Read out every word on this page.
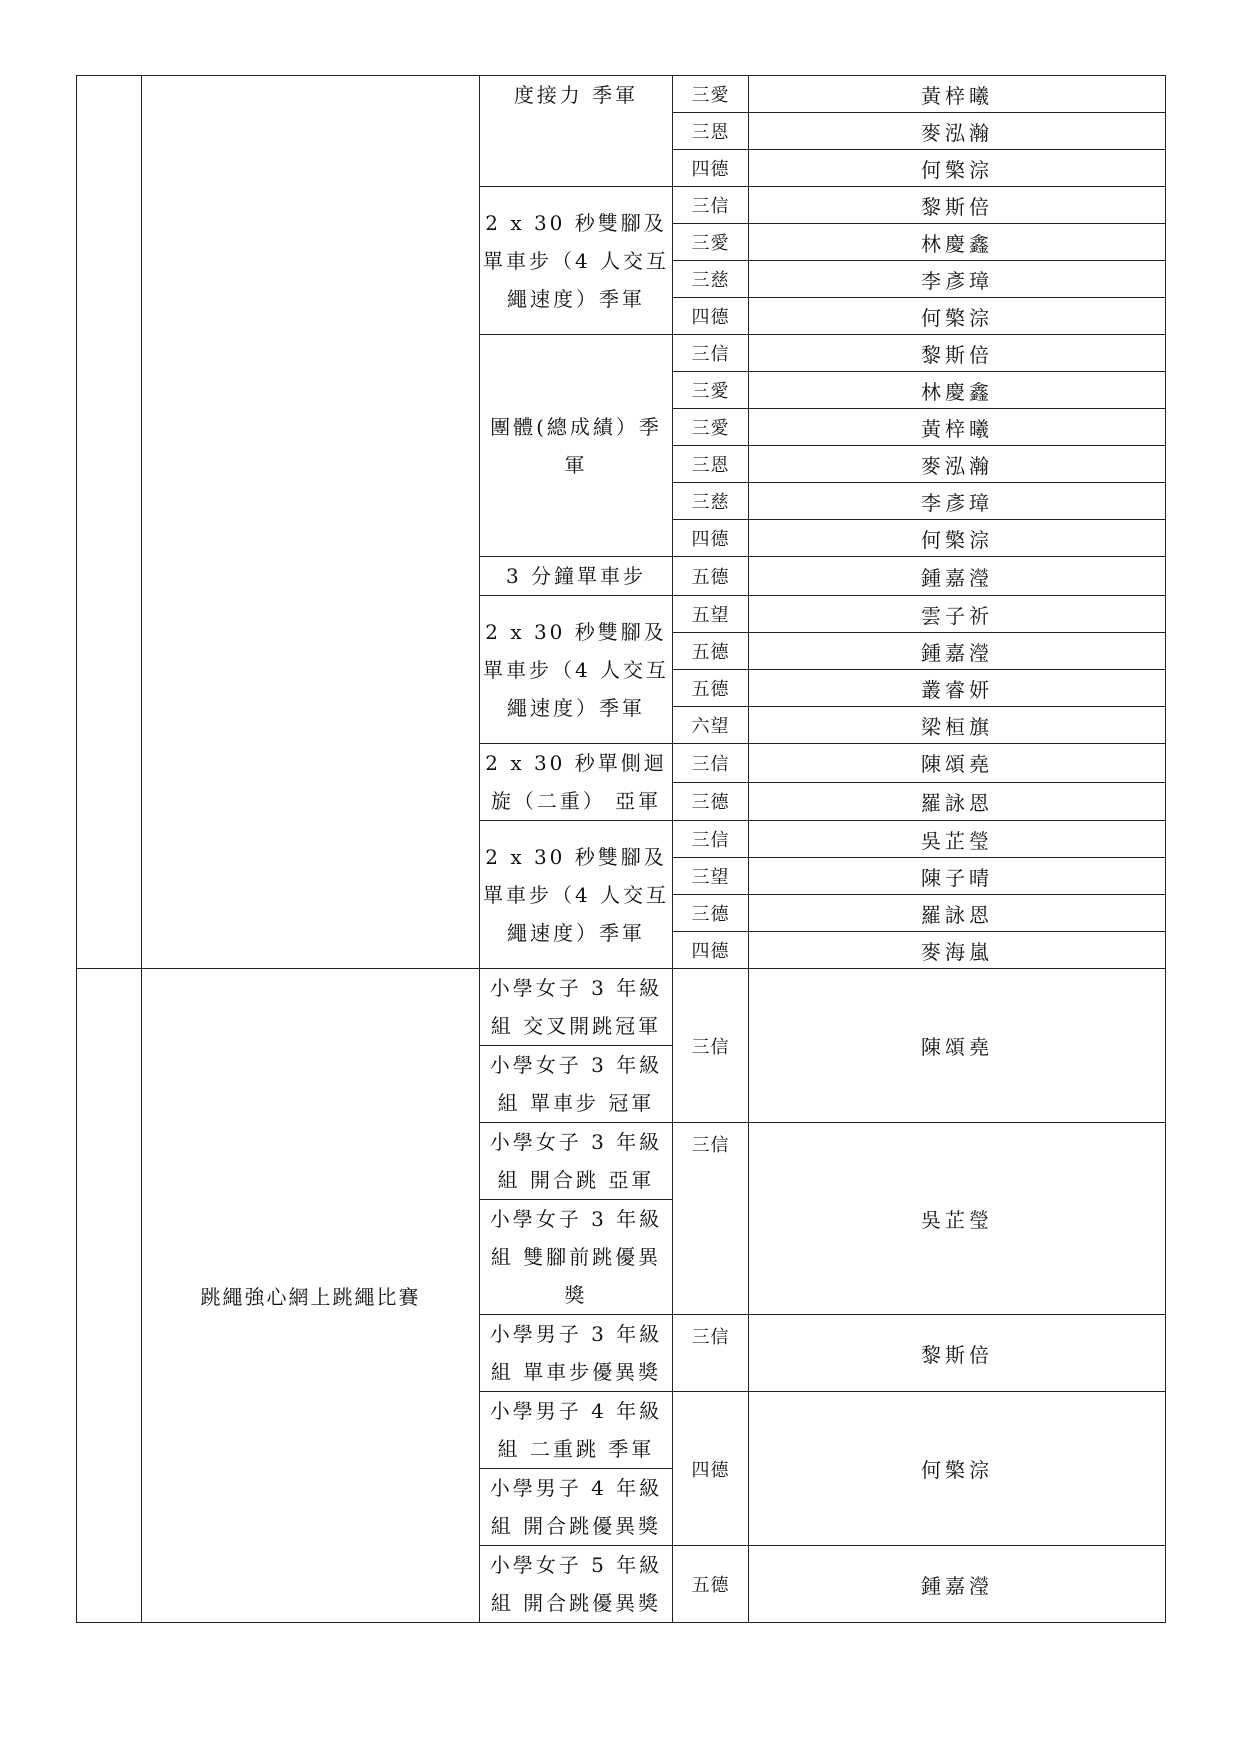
		度接力 季軍	三愛	黃梓曦
			三恩	麥泓瀚
			四德	何檠淙
		2 x 30 秒雙腳及單車步（4 人交互繩速度）季軍	三信	黎斯倍
			三愛	林慶鑫
			三慈	李彥璋
			四德	何檠淙
		團體(總成績）季軍	三信	黎斯倍
			三愛	林慶鑫
			三愛	黃梓曦
			三恩	麥泓瀚
			三慈	李彥璋
			四德	何檠淙
		3 分鐘單車步	五德	鍾嘉瀅
		2 x 30 秒雙腳及單車步（4 人交互繩速度）季軍	五望	雲子祈
			五德	鍾嘉瀅
			五德	叢睿妍
			六望	梁桓旗
		2 x 30 秒單側迴旋（二重） 亞軍	三信	陳頌堯
			三德	羅詠恩
		2 x 30 秒雙腳及單車步（4 人交互繩速度）季軍	三信	吳芷瑩
			三望	陳子晴
			三德	羅詠恩
			四德	麥海嵐
	跳繩強心網上跳繩比賽	小學女子 3 年級組 交叉開跳冠軍	三信	陳頌堯
		小學女子 3 年級組 單車步 冠軍		
		小學女子 3 年級組 開合跳 亞軍	三信	吳芷瑩
		小學女子 3 年級組 雙腳前跳優異獎		
		小學男子 3 年級組 單車步優異獎	三信	黎斯倍
		小學男子 4 年級組 二重跳 季軍	四德	何檠淙
		小學男子 4 年級組 開合跳優異獎		
		小學女子 5 年級組 開合跳優異獎	五德	鍾嘉瀅
